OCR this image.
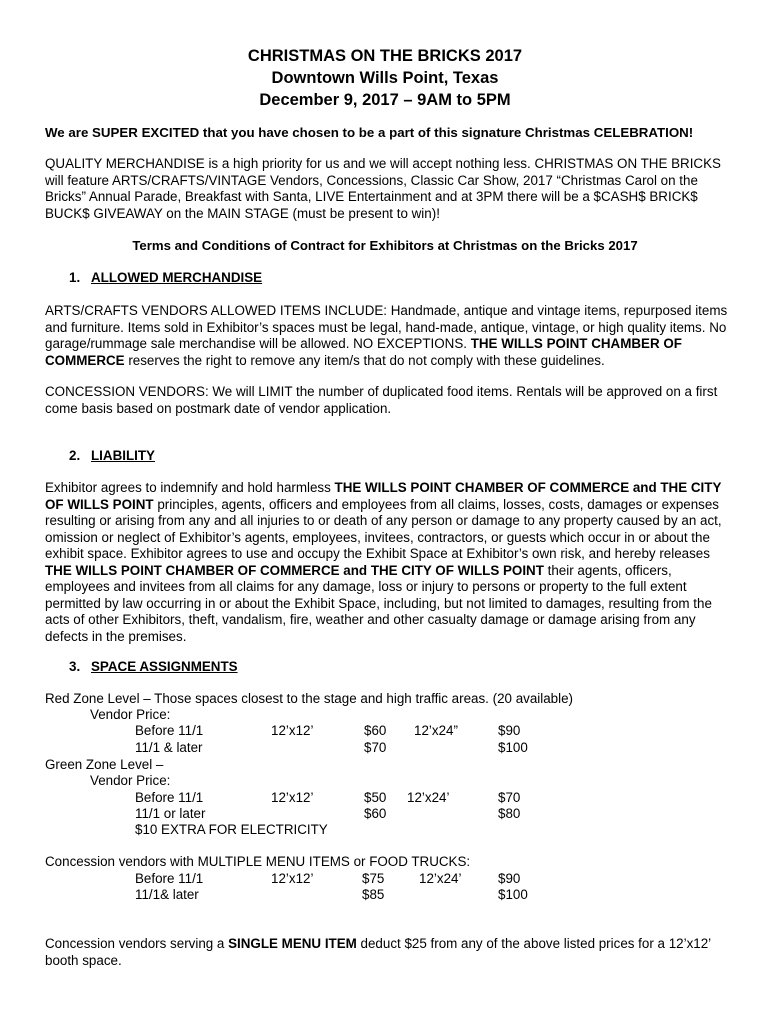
CHRISTMAS ON THE BRICKS 2017
Downtown Wills Point, Texas
December 9, 2017 – 9AM to 5PM
We are SUPER EXCITED that you have chosen to be a part of this signature Christmas CELEBRATION!
QUALITY MERCHANDISE is a high priority for us and we will accept nothing less. CHRISTMAS ON THE BRICKS will feature ARTS/CRAFTS/VINTAGE Vendors, Concessions, Classic Car Show, 2017 “Christmas Carol on the Bricks” Annual Parade, Breakfast with Santa, LIVE Entertainment and at 3PM there will be a $CASH$ BRICK$ BUCK$ GIVEAWAY on the MAIN STAGE (must be present to win)!
Terms and Conditions of Contract for Exhibitors at Christmas on the Bricks 2017
1. ALLOWED MERCHANDISE
ARTS/CRAFTS VENDORS ALLOWED ITEMS INCLUDE: Handmade, antique and vintage items, repurposed items and furniture. Items sold in Exhibitor’s spaces must be legal, hand-made, antique, vintage, or high quality items. No garage/rummage sale merchandise will be allowed. NO EXCEPTIONS. THE WILLS POINT CHAMBER OF COMMERCE reserves the right to remove any item/s that do not comply with these guidelines.
CONCESSION VENDORS: We will LIMIT the number of duplicated food items. Rentals will be approved on a first come basis based on postmark date of vendor application.
2. LIABILITY
Exhibitor agrees to indemnify and hold harmless THE WILLS POINT CHAMBER OF COMMERCE and THE CITY OF WILLS POINT principles, agents, officers and employees from all claims, losses, costs, damages or expenses resulting or arising from any and all injuries to or death of any person or damage to any property caused by an act, omission or neglect of Exhibitor’s agents, employees, invitees, contractors, or guests which occur in or about the exhibit space. Exhibitor agrees to use and occupy the Exhibit Space at Exhibitor’s own risk, and hereby releases THE WILLS POINT CHAMBER OF COMMERCE and THE CITY OF WILLS POINT their agents, officers, employees and invitees from all claims for any damage, loss or injury to persons or property to the full extent permitted by law occurring in or about the Exhibit Space, including, but not limited to damages, resulting from the acts of other Exhibitors, theft, vandalism, fire, weather and other casualty damage or damage arising from any defects in the premises.
3. SPACE ASSIGNMENTS
Red Zone Level – Those spaces closest to the stage and high traffic areas. (20 available)
Vendor Price:
Before 11/1	12’x12’	$60 12’x24”	$90
11/1 & later	$70	$100
Green Zone Level –
Vendor Price:
Before 11/1	12’x12’	$50 12’x24’	$70
11/1 or later	$60	$80
$10 EXTRA FOR ELECTRICITY
Concession vendors with MULTIPLE MENU ITEMS or FOOD TRUCKS:
Before 11/1	12’x12’	$75	12’x24’	$90
11/1& later	$85	$100
Concession vendors serving a SINGLE MENU ITEM deduct $25 from any of the above listed prices for a 12’x12’ booth space.
